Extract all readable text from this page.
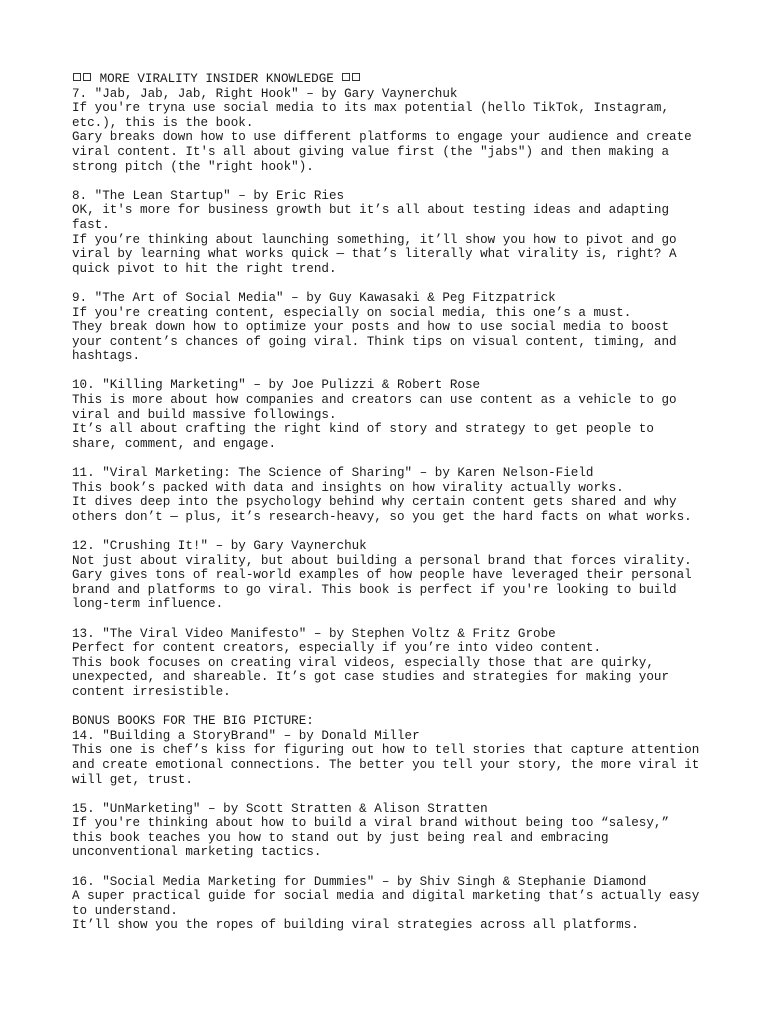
MORE VIRALITY INSIDER KNOWLEDGE
7. "Jab, Jab, Jab, Right Hook" – by Gary Vaynerchuk
If you're tryna use social media to its max potential (hello TikTok, Instagram,
etc.), this is the book.
Gary breaks down how to use different platforms to engage your audience and create
viral content. It's all about giving value first (the "jabs") and then making a
strong pitch (the "right hook").
8. "The Lean Startup" – by Eric Ries
OK, it's more for business growth but it’s all about testing ideas and adapting
fast.
If you’re thinking about launching something, it’ll show you how to pivot and go
viral by learning what works quick — that’s literally what virality is, right? A
quick pivot to hit the right trend.
9. "The Art of Social Media" – by Guy Kawasaki & Peg Fitzpatrick
If you're creating content, especially on social media, this one’s a must.
They break down how to optimize your posts and how to use social media to boost
your content’s chances of going viral. Think tips on visual content, timing, and
hashtags.
10. "Killing Marketing" – by Joe Pulizzi & Robert Rose
This is more about how companies and creators can use content as a vehicle to go
viral and build massive followings.
It’s all about crafting the right kind of story and strategy to get people to
share, comment, and engage.
11. "Viral Marketing: The Science of Sharing" – by Karen Nelson-Field
This book’s packed with data and insights on how virality actually works.
It dives deep into the psychology behind why certain content gets shared and why
others don’t — plus, it’s research-heavy, so you get the hard facts on what works.
12. "Crushing It!" – by Gary Vaynerchuk
Not just about virality, but about building a personal brand that forces virality.
Gary gives tons of real-world examples of how people have leveraged their personal
brand and platforms to go viral. This book is perfect if you're looking to build
long-term influence.
13. "The Viral Video Manifesto" – by Stephen Voltz & Fritz Grobe
Perfect for content creators, especially if you’re into video content.
This book focuses on creating viral videos, especially those that are quirky,
unexpected, and shareable. It’s got case studies and strategies for making your
content irresistible.
BONUS BOOKS FOR THE BIG PICTURE:
14. "Building a StoryBrand" – by Donald Miller
This one is chef’s kiss for figuring out how to tell stories that capture attention
and create emotional connections. The better you tell your story, the more viral it
will get, trust.
15. "UnMarketing" – by Scott Stratten & Alison Stratten
If you're thinking about how to build a viral brand without being too “salesy,”
this book teaches you how to stand out by just being real and embracing
unconventional marketing tactics.
16. "Social Media Marketing for Dummies" – by Shiv Singh & Stephanie Diamond
A super practical guide for social media and digital marketing that’s actually easy
to understand.
It’ll show you the ropes of building viral strategies across all platforms.
